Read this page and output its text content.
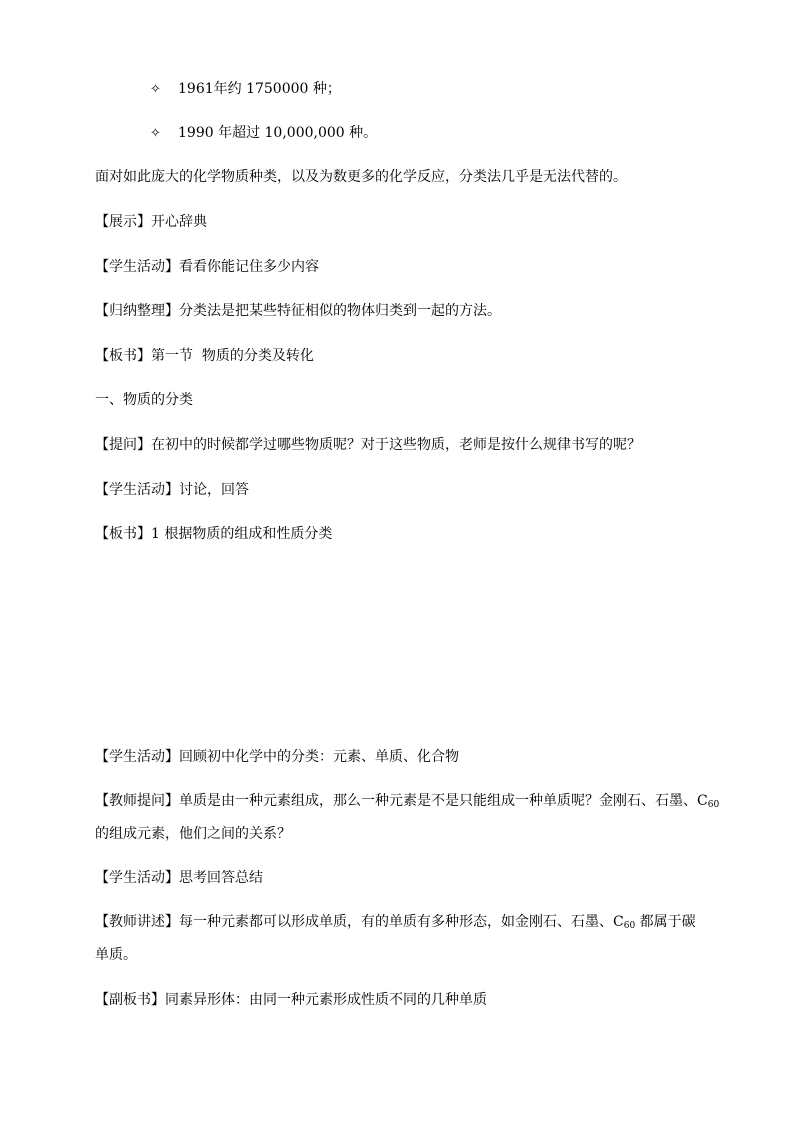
✧ 1961年约 1750000 种；
✧ 1990 年超过 10,000,000 种。
面对如此庞大的化学物质种类，以及为数更多的化学反应，分类法几乎是无法代替的。
【展示】开心辞典
【学生活动】看看你能记住多少内容
【归纳整理】分类法是把某些特征相似的物体归类到一起的方法。
【板书】第一节  物质的分类及转化
一、物质的分类
【提问】在初中的时候都学过哪些物质呢？对于这些物质，老师是按什么规律书写的呢？
【学生活动】讨论，回答
【板书】1 根据物质的组成和性质分类
【学生活动】回顾初中化学中的分类：元素、单质、化合物
【教师提问】单质是由一种元素组成，那么一种元素是不是只能组成一种单质呢？金刚石、石墨、$C_{60}$
的组成元素，他们之间的关系？
【学生活动】思考回答总结
【教师讲述】每一种元素都可以形成单质，有的单质有多种形态，如金刚石、石墨、$C_{60}$ 都属于碳
单质。
【副板书】同素异形体：由同一种元素形成性质不同的几种单质
